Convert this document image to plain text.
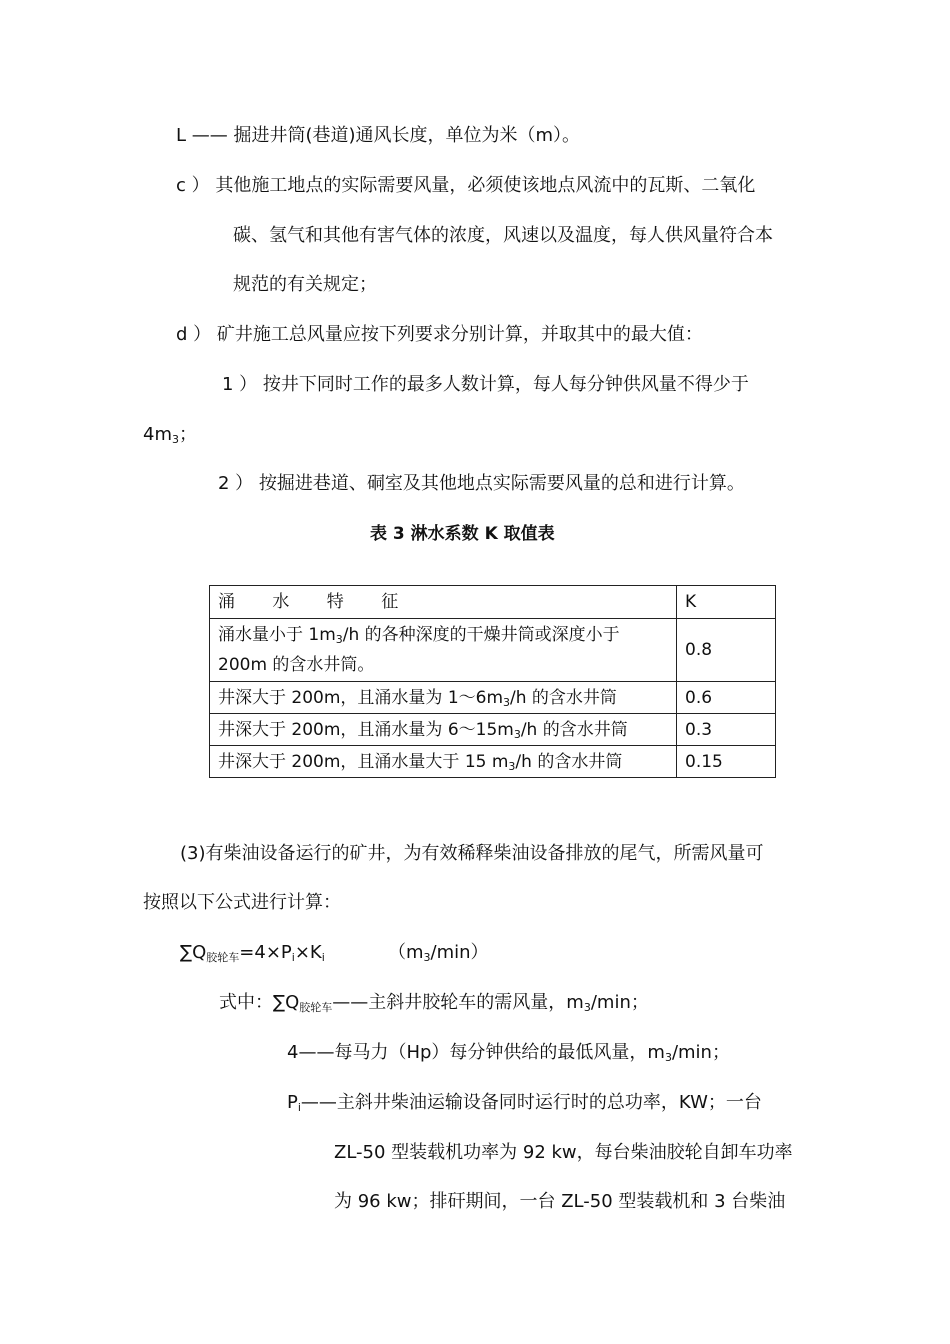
L —— 掘进井筒(巷道)通风长度，单位为米（m）。
c ） 其他施工地点的实际需要风量，必须使该地点风流中的瓦斯、二氧化
碳、氢气和其他有害气体的浓度，风速以及温度，每人供风量符合本
规范的有关规定；
d ） 矿井施工总风量应按下列要求分别计算，并取其中的最大值：
1 ） 按井下同时工作的最多人数计算，每人每分钟供风量不得少于
$4m_3$；
2 ） 按掘进巷道、硐室及其他地点实际需要风量的总和进行计算。
表 3 淋水系数 K 取值表
涌 水 特 征	K

涌水量小于 $1m_3/h$ 的各种深度的干燥井筒或深度小于
200m 的含水井筒。	0.8
井深大于 200m，且涌水量为 $1\sim 6m_3/h$ 的含水井筒	0.6
井深大于 200m，且涌水量为 $6\sim 15m_3/h$ 的含水井筒	0.3
井深大于 200m，且涌水量大于 15 $m_3/h$ 的含水井筒	0.15
(3)有柴油设备运行的矿井，为有效稀释柴油设备排放的尾气，所需风量可
按照以下公式进行计算：
$\sum Q_{胶轮车}=4\times P_i\times K_i$	$(m_3/\min)$
式中：$\sum Q_{胶轮车}——$主斜井胶轮车的需风量，$m_3/\min$；
4——每马力（Hp）每分钟供给的最低风量，$m_3/\min$；
$P_i——$主斜井柴油运输设备同时运行时的总功率，KW；一台
ZL-50 型装载机功率为 92 kw，每台柴油胶轮自卸车功率
为 96 kw；排矸期间，一台 ZL-50 型装载机和 3 台柴油
